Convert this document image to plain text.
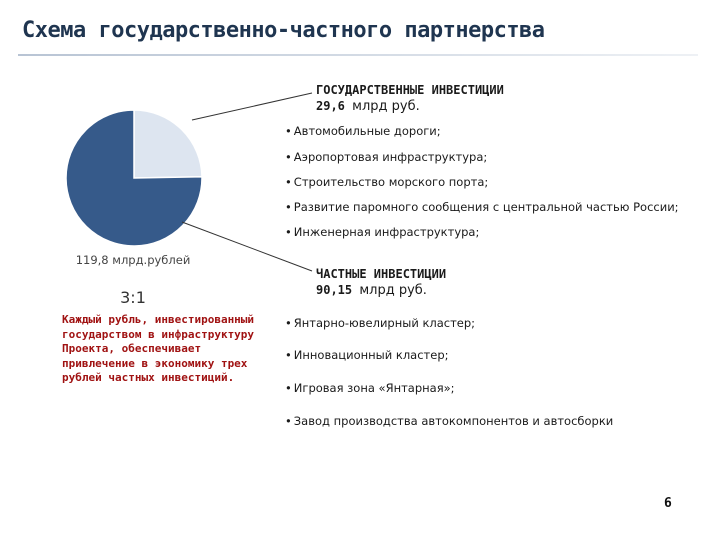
Схема государственно-частного партнерства
ГОСУДАРСТВЕННЫЕ ИНВЕСТИЦИИ
29,6 млрд руб.
• Автомобильные дороги;
• Аэропортовая инфраструктура;
• Строительство морского порта;
• Развитие паромного сообщения с центральной частью России;
• Инженерная инфраструктура;
ЧАСТНЫЕ ИНВЕСТИЦИИ
90,15 млрд руб.
• Янтарно-ювелирный кластер;
• Инновационный кластер;
• Игровая зона «Янтарная»;
• Завод производства автокомпонентов и автосборки
119,8 млрд.рублей
3:1
Каждый рубль, инвестированный государством в инфраструктуру Проекта, обеспечивает привлечение в экономику трех рублей частных инвестиций.
6
